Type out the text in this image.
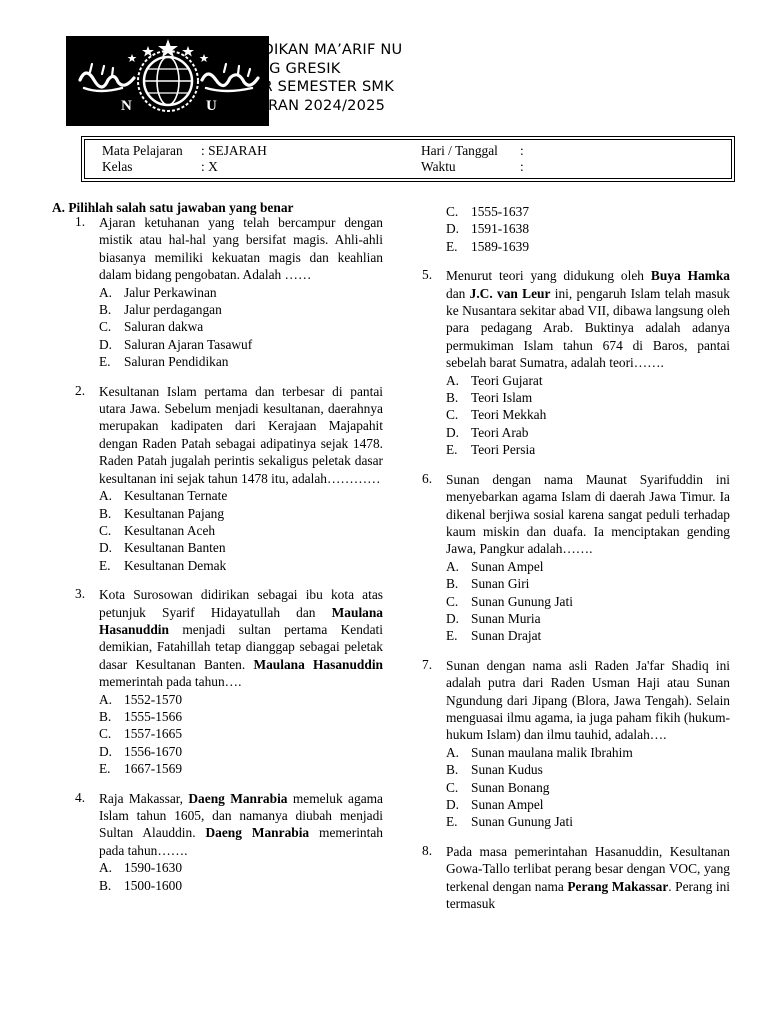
N	U
IDIKAN MA’ARIF NU
NG GRESIK
IR SEMESTER SMK
ARAN 2024/2025
Mata Pelajaran : SEJARAH	Hari / Tanggal :
Kelas	: X	Waktu	:
A. Pilihlah salah satu jawaban yang benar
1. Ajaran ketuhanan yang telah bercampur dengan mistik atau hal-hal yang bersifat magis. Ahli-ahli biasanya memiliki kekuatan magis dan keahlian dalam bidang pengobatan. Adalah ……
A. Jalur Perkawinan
B. Jalur perdagangan
C. Saluran dakwa
D. Saluran Ajaran Tasawuf
E. Saluran Pendidikan
2. Kesultanan Islam pertama dan terbesar di pantai utara Jawa. Sebelum menjadi kesultanan, daerahnya merupakan kadipaten dari Kerajaan Majapahit dengan Raden Patah sebagai adipatinya sejak 1478. Raden Patah jugalah perintis sekaligus peletak dasar kesultanan ini sejak tahun 1478 itu, adalah…………
A. Kesultanan Ternate
B. Kesultanan Pajang
C. Kesultanan Aceh
D. Kesultanan Banten
E. Kesultanan Demak
3. Kota Surosowan didirikan sebagai ibu kota atas petunjuk Syarif Hidayatullah dan Maulana Hasanuddin menjadi sultan pertama Kendati demikian, Fatahillah tetap dianggap sebagai peletak dasar Kesultanan Banten. Maulana Hasanuddin memerintah pada tahun….
A. 1552-1570
B. 1555-1566
C. 1557-1665
D. 1556-1670
E. 1667-1569
4. Raja Makassar, Daeng Manrabia memeluk agama Islam tahun 1605, dan namanya diubah menjadi Sultan Alauddin. Daeng Manrabia memerintah pada tahun…….
A. 1590-1630
B. 1500-1600
C. 1555-1637
D. 1591-1638
E. 1589-1639
5. Menurut teori yang didukung oleh Buya Hamka dan J.C. van Leur ini, pengaruh Islam telah masuk ke Nusantara sekitar abad VII, dibawa langsung oleh para pedagang Arab. Buktinya adalah adanya permukiman Islam tahun 674 di Baros, pantai sebelah barat Sumatra, adalah teori…….
A. Teori Gujarat
B. Teori Islam
C. Teori Mekkah
D. Teori Arab
E. Teori Persia
6. Sunan dengan nama Maunat Syarifuddin ini menyebarkan agama Islam di daerah Jawa Timur. Ia dikenal berjiwa sosial karena sangat peduli terhadap kaum miskin dan duafa. Ia menciptakan gending Jawa, Pangkur adalah…….
A. Sunan Ampel
B. Sunan Giri
C. Sunan Gunung Jati
D. Sunan Muria
E. Sunan Drajat
7. Sunan dengan nama asli Raden Ja'far Shadiq ini adalah putra dari Raden Usman Haji atau Sunan Ngundung dari Jipang (Blora, Jawa Tengah). Selain menguasai ilmu agama, ia juga paham fikih (hukum-hukum Islam) dan ilmu tauhid, adalah….
A. Sunan maulana malik Ibrahim
B. Sunan Kudus
C. Sunan Bonang
D. Sunan Ampel
E. Sunan Gunung Jati
8. Pada masa pemerintahan Hasanuddin, Kesultanan Gowa-Tallo terlibat perang besar dengan VOC, yang terkenal dengan nama Perang Makassar. Perang ini termasuk
